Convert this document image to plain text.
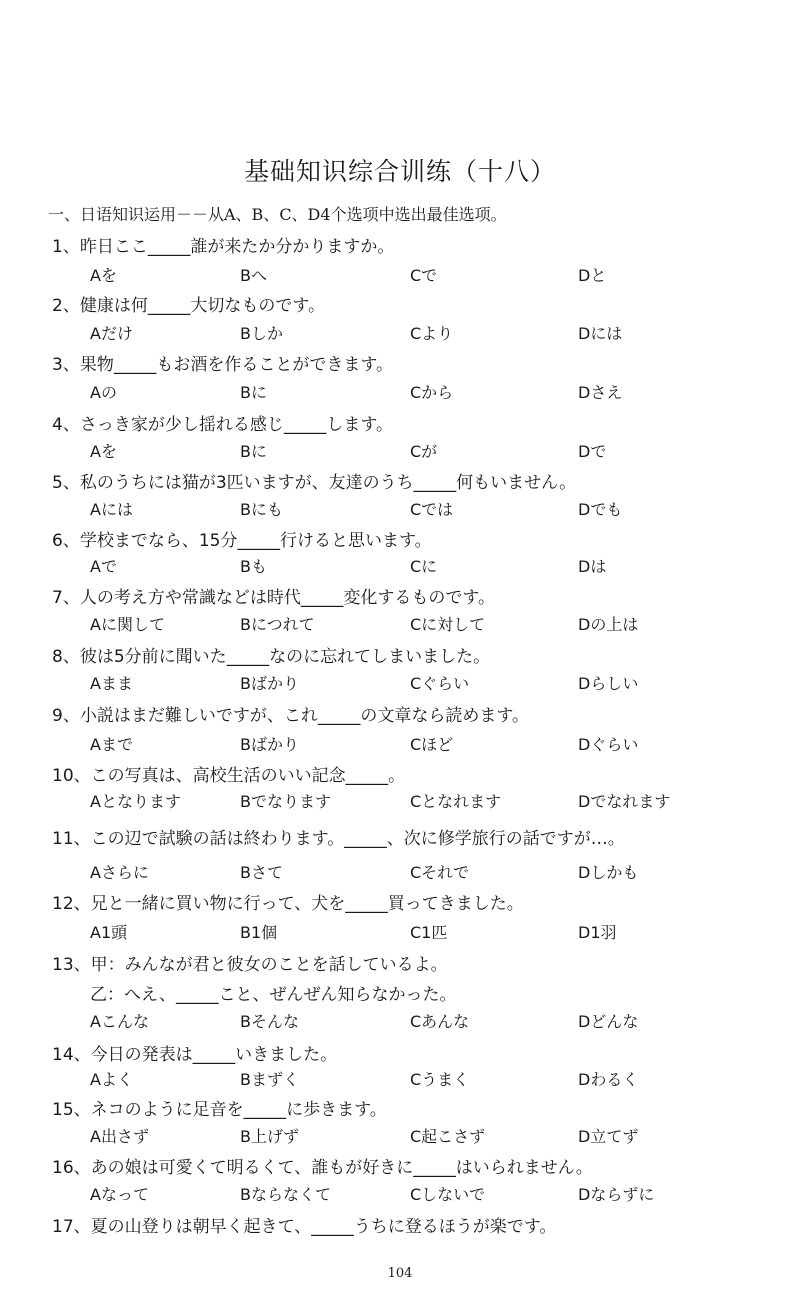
基础知识综合训练（十八）
一、日语知识运用－－从A、B、C、D4个选项中选出最佳选项。
1、昨日ここ_____誰が来たか分かりますか。
Aを	Bへ	Cで	Dと
2、健康は何_____大切なものです。
Aだけ	Bしか	Cより	Dには
3、果物_____もお酒を作ることができます。
Aの	Bに	Cから	Dさえ
4、さっき家が少し揺れる感じ_____します。
Aを	Bに	Cが	Dで
5、私のうちには猫が3匹いますが、友達のうち_____何もいません。
Aには	Bにも	Cでは	Dでも
6、学校までなら、15分_____行けると思います。
Aで	Bも	Cに	Dは
7、人の考え方や常識などは時代_____変化するものです。
Aに関して	Bにつれて	Cに対して	Dの上は
8、彼は5分前に聞いた_____なのに忘れてしまいました。
Aまま	Bばかり	Cぐらい	Dらしい
9、小説はまだ難しいですが、これ_____の文章なら読めます。
Aまで	Bばかり	Cほど	Dぐらい
10、この写真は、高校生活のいい記念_____。
Aとなります	Bでなります	Cとなれます	Dでなれます
11、この辺で試験の話は終わります。_____、次に修学旅行の話ですが…。
Aさらに	Bさて	Cそれで	Dしかも
12、兄と一緒に買い物に行って、犬を_____買ってきました。
A1頭	B1個	C1匹	D1羽
13、甲：みんなが君と彼女のことを話しているよ。
乙：へえ、_____こと、ぜんぜん知らなかった。
Aこんな	Bそんな	Cあんな	Dどんな
14、今日の発表は_____いきました。
Aよく	Bまずく	Cうまく	Dわるく
15、ネコのように足音を_____に歩きます。
A出さず	B上げず	C起こさず	D立てず
16、あの娘は可愛くて明るくて、誰もが好きに_____はいられません。
Aなって	Bならなくて	Cしないで	Dならずに
17、夏の山登りは朝早く起きて、_____うちに登るほうが楽です。
104
